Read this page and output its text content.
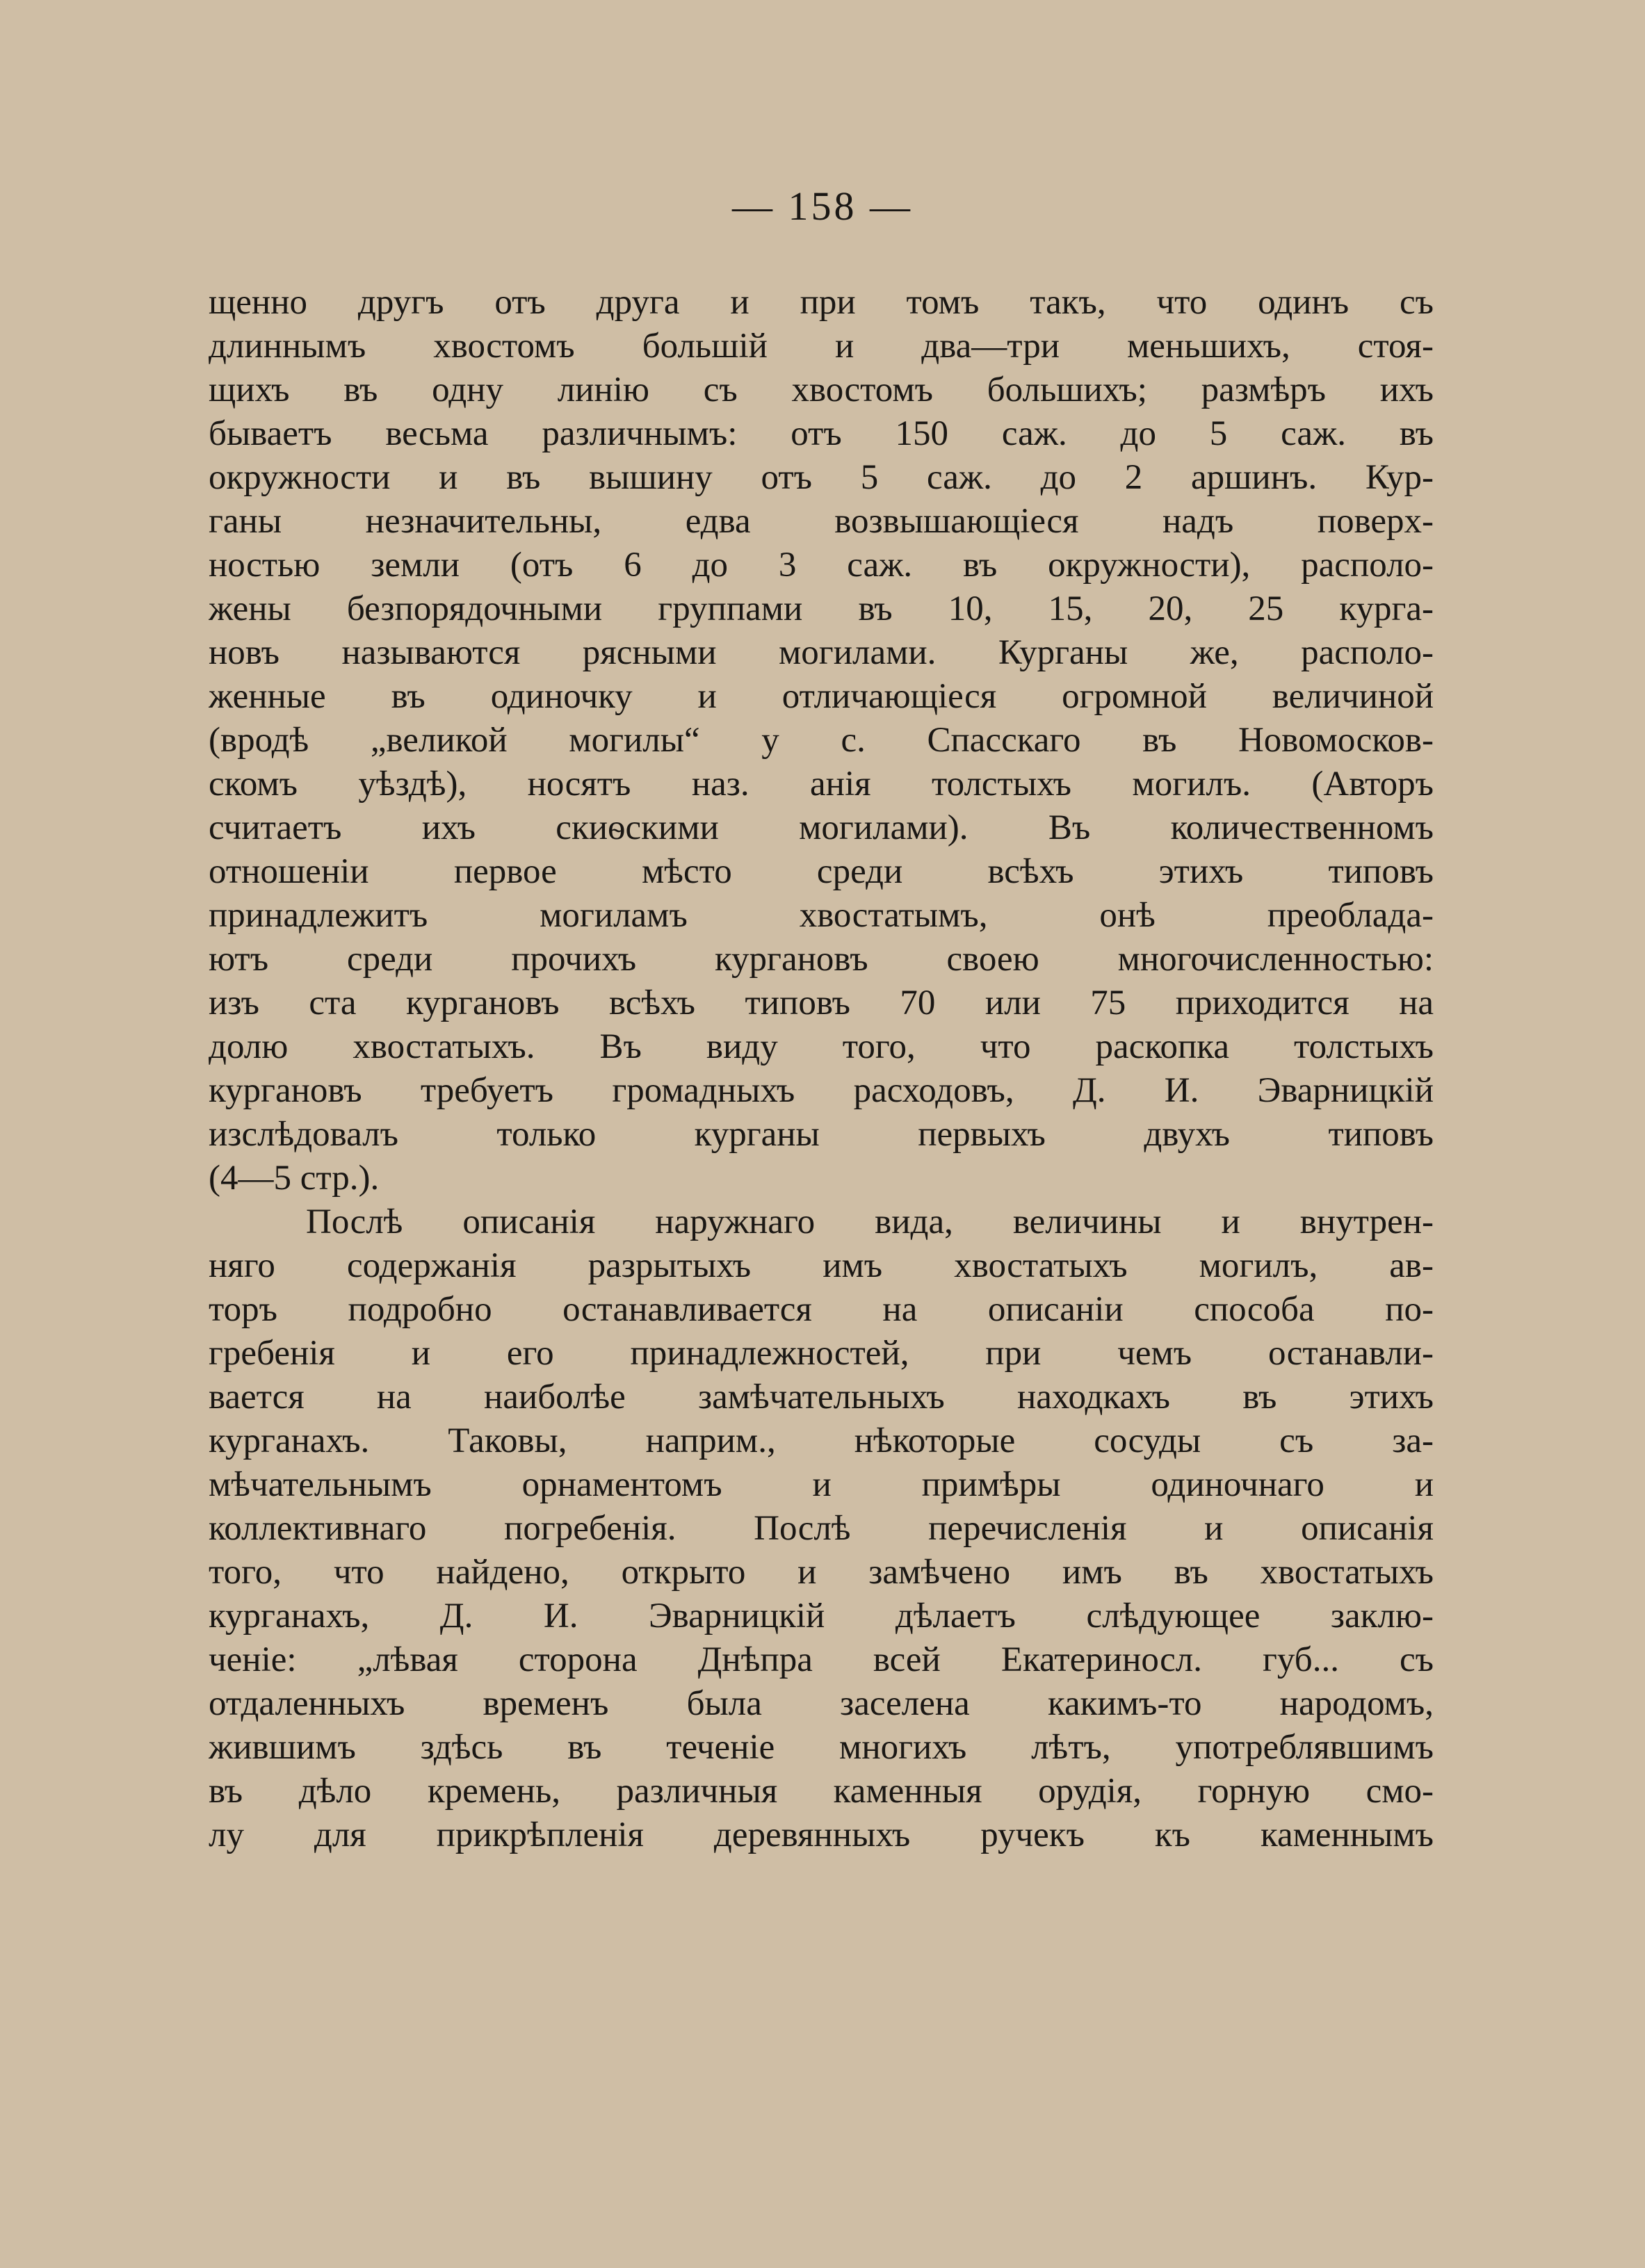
— 158 —
щенно другъ отъ друга и при томъ такъ, что одинъ съ
длиннымъ хвостомъ большій и два—три меньшихъ, стоя-
щихъ въ одну линію съ хвостомъ большихъ; размѣръ ихъ
бываетъ весьма различнымъ: отъ 150 саж. до 5 саж. въ
окружности и въ вышину отъ 5 саж. до 2 аршинъ. Кур-
ганы незначительны, едва возвышающіеся надъ поверх-
ностью земли (отъ 6 до 3 саж. въ окружности), располо-
жены безпорядочными группами въ 10, 15, 20, 25 курга-
новъ называются рясными могилами. Курганы же, располо-
женные въ одиночку и отличающіеся огромной величиной
(вродѣ „великой могилы“ у с. Спасскаго въ Новомосков-
скомъ уѣздѣ), носятъ наз. анія толстыхъ могилъ. (Авторъ
считаетъ ихъ скиѳскими могилами). Въ количественномъ
отношеніи первое мѣсто среди всѣхъ этихъ типовъ
принадлежитъ могиламъ хвостатымъ, онѣ преоблада-
ютъ среди прочихъ кургановъ своею многочисленностью:
изъ ста кургановъ всѣхъ типовъ 70 или 75 приходится на
долю хвостатыхъ. Въ виду того, что раскопка толстыхъ
кургановъ требуетъ громадныхъ расходовъ, Д. И. Эварницкій
изслѣдовалъ только курганы первыхъ двухъ типовъ
(4—5 стр.).
Послѣ описанія наружнаго вида, величины и внутрен-
няго содержанія разрытыхъ имъ хвостатыхъ могилъ, ав-
торъ подробно останавливается на описаніи способа по-
гребенія и его принадлежностей, при чемъ останавли-
вается на наиболѣе замѣчательныхъ находкахъ въ этихъ
курганахъ. Таковы, наприм., нѣкоторые сосуды съ за-
мѣчательнымъ орнаментомъ и примѣры одиночнаго и
коллективнаго погребенія. Послѣ перечисленія и описанія
того, что найдено, открыто и замѣчено имъ въ хвостатыхъ
курганахъ, Д. И. Эварницкій дѣлаетъ слѣдующее заклю-
ченіе: „лѣвая сторона Днѣпра всей Екатериносл. губ... съ
отдаленныхъ временъ была заселена какимъ-то народомъ,
жившимъ здѣсь въ теченіе многихъ лѣтъ, употреблявшимъ
въ дѣло кремень, различныя каменныя орудія, горную смо-
лу для прикрѣпленія деревянныхъ ручекъ къ каменнымъ
